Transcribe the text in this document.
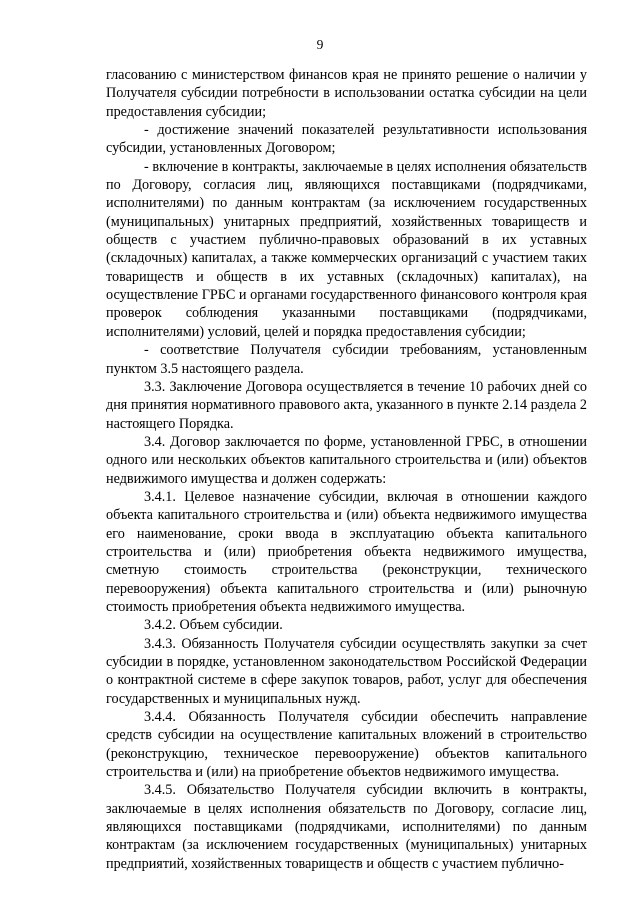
9

гласованию с министерством финансов края не принято решение о наличии у Получателя субсидии потребности в использовании остатка субсидии на цели предоставления субсидии;

- достижение значений показателей результативности использования субсидии, установленных Договором;

- включение в контракты, заключаемые в целях исполнения обязательств по Договору, согласия лиц, являющихся поставщиками (подрядчиками, исполнителями) по данным контрактам (за исключением государственных (муниципальных) унитарных предприятий, хозяйственных товариществ и обществ с участием публично-правовых образований в их уставных (складочных) капиталах, а также коммерческих организаций с участием таких товариществ и обществ в их уставных (складочных) капиталах), на осуществление ГРБС и органами государственного финансового контроля края проверок соблюдения указанными поставщиками (подрядчиками, исполнителями) условий, целей и порядка предоставления субсидии;

- соответствие Получателя субсидии требованиям, установленным пунктом 3.5 настоящего раздела.

3.3. Заключение Договора осуществляется в течение 10 рабочих дней со дня принятия нормативного правового акта, указанного в пункте 2.14 раздела 2 настоящего Порядка.

3.4. Договор заключается по форме, установленной ГРБС, в отношении одного или нескольких объектов капитального строительства и (или) объектов недвижимого имущества и должен содержать:

3.4.1. Целевое назначение субсидии, включая в отношении каждого объекта капитального строительства и (или) объекта недвижимого имущества его наименование, сроки ввода в эксплуатацию объекта капитального строительства и (или) приобретения объекта недвижимого имущества, сметную стоимость строительства (реконструкции, технического перевооружения) объекта капитального строительства и (или) рыночную стоимость приобретения объекта недвижимого имущества.

3.4.2. Объем субсидии.

3.4.3. Обязанность Получателя субсидии осуществлять закупки за счет субсидии в порядке, установленном законодательством Российской Федерации о контрактной системе в сфере закупок товаров, работ, услуг для обеспечения государственных и муниципальных нужд.

3.4.4. Обязанность Получателя субсидии обеспечить направление средств субсидии на осуществление капитальных вложений в строительство (реконструкцию, техническое перевооружение) объектов капитального строительства и (или) на приобретение объектов недвижимого имущества.

3.4.5. Обязательство Получателя субсидии включить в контракты, заключаемые в целях исполнения обязательств по Договору, согласие лиц, являющихся поставщиками (подрядчиками, исполнителями) по данным контрактам (за исключением государственных (муниципальных) унитарных предприятий, хозяйственных товариществ и обществ с участием публично-
